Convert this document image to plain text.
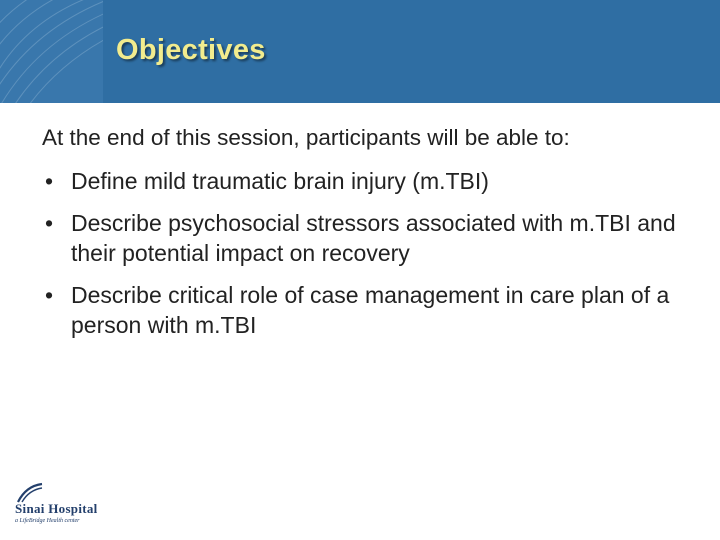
Objectives
At the end of this session, participants will be able to:
• Define mild traumatic brain injury (m.TBI)
• Describe psychosocial stressors associated with m.TBI and their potential impact on recovery
• Describe critical role of case management in care plan of a person with m.TBI
Sinai Hospital
a LifeBridge Health center
